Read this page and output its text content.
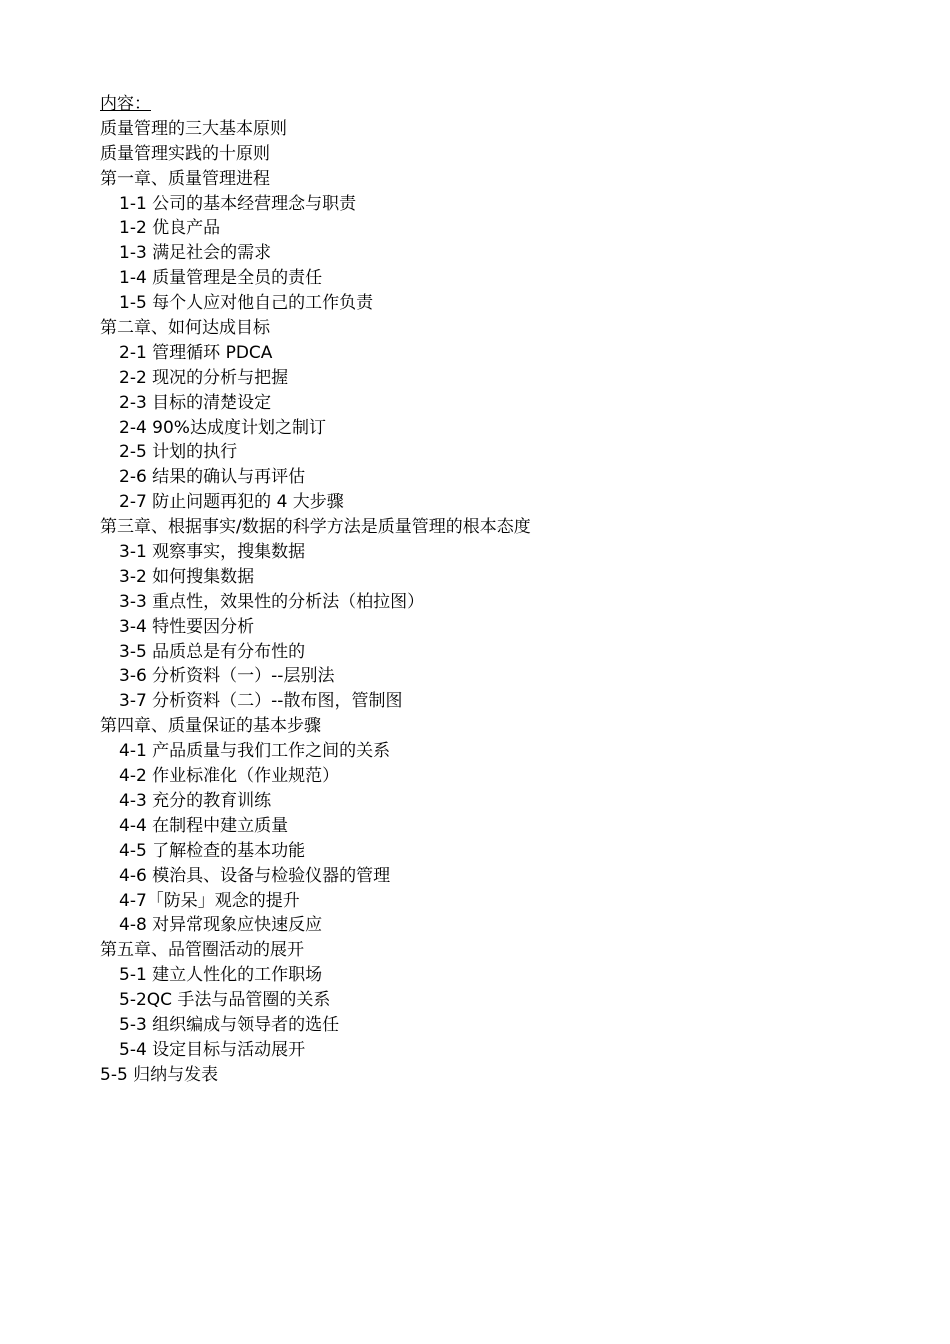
内容：
质量管理的三大基本原则
质量管理实践的十原则
第一章、质量管理进程
1-1 公司的基本经营理念与职责
1-2 优良产品
1-3 满足社会的需求
1-4 质量管理是全员的责任
1-5 每个人应对他自己的工作负责
第二章、如何达成目标
2-1 管理循环 PDCA
2-2 现况的分析与把握
2-3 目标的清楚设定
2-4 90%达成度计划之制订
2-5 计划的执行
2-6 结果的确认与再评估
2-7 防止问题再犯的 4 大步骤
第三章、根据事实/数据的科学方法是质量管理的根本态度
3-1 观察事实，搜集数据
3-2 如何搜集数据
3-3 重点性，效果性的分析法（柏拉图）
3-4 特性要因分析
3-5 品质总是有分布性的
3-6 分析资料（一）--层别法
3-7 分析资料（二）--散布图，管制图
第四章、质量保证的基本步骤
4-1 产品质量与我们工作之间的关系
4-2 作业标准化（作业规范）
4-3 充分的教育训练
4-4 在制程中建立质量
4-5 了解检查的基本功能
4-6 模治具、设备与检验仪器的管理
4-7「防呆」观念的提升
4-8 对异常现象应快速反应
第五章、品管圈活动的展开
5-1 建立人性化的工作职场
5-2QC 手法与品管圈的关系
5-3 组织编成与领导者的选任
5-4 设定目标与活动展开
5-5 归纳与发表
